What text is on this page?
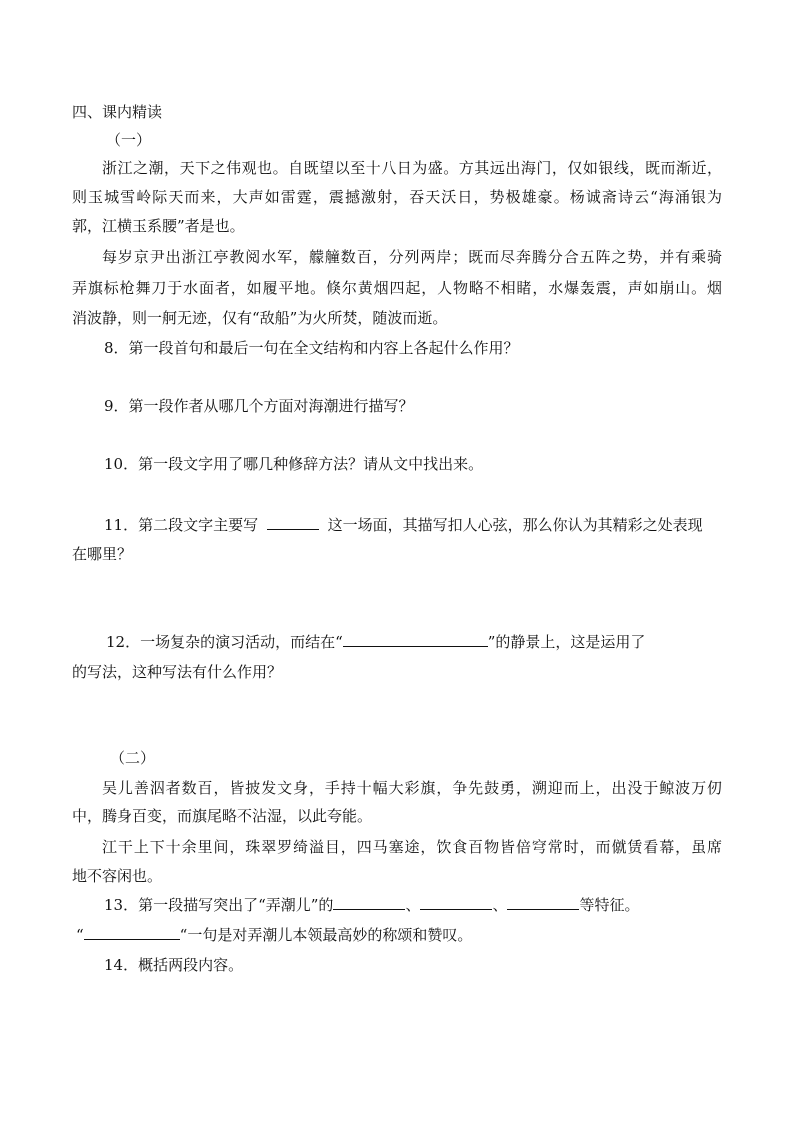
四、课内精读
（一）
浙江之潮，天下之伟观也。自既望以至十八日为盛。方其远出海门，仅如银线，既而渐近，
则玉城雪岭际天而来，大声如雷霆，震撼激射，吞天沃日，势极雄豪。杨诚斋诗云“海涌银为
郭，江横玉系腰”者是也。
每岁京尹出浙江亭教阅水军，艨艟数百，分列两岸；既而尽奔腾分合五阵之势，并有乘骑
弄旗标枪舞刀于水面者，如履平地。倏尔黄烟四起，人物略不相睹，水爆轰震，声如崩山。烟
消波静，则一舸无迹，仅有“敌船”为火所焚，随波而逝。
8．第一段首句和最后一句在全文结构和内容上各起什么作用？
9．第一段作者从哪几个方面对海潮进行描写？
10．第一段文字用了哪几种修辞方法？请从文中找出来。
11．第二段文字主要写	这一场面，其描写扣人心弦，那么你认为其精彩之处表现
在哪里？
12．一场复杂的演习活动，而结在“	”的静景上，这是运用了
的写法，这种写法有什么作用？
（二）
吴儿善泅者数百，皆披发文身，手持十幅大彩旗，争先鼓勇，溯迎而上，出没于鲸波万仞
中，腾身百变，而旗尾略不沾湿，以此夸能。
江干上下十余里间，珠翠罗绮溢目，四马塞途，饮食百物皆倍穹常时，而僦赁看幕，虽席
地不容闲也。
13．第一段描写突出了“弄潮儿”的	、	、	等特征。
“	“一句是对弄潮儿本领最高妙的称颂和赞叹。
14．概括两段内容。
